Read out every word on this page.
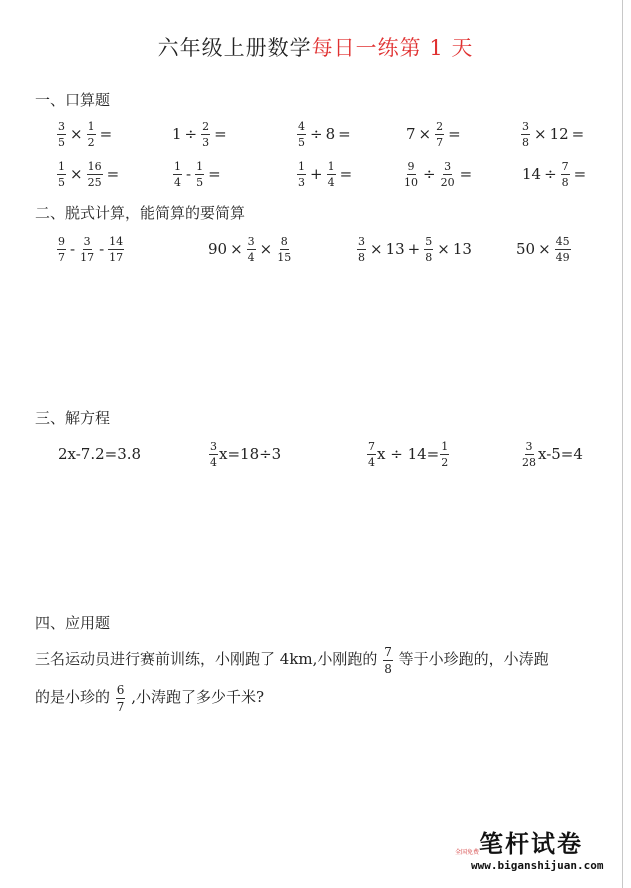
六年级上册数学每日一练第 1 天
一、口算题
$\frac{3}{5} \times \frac{1}{2}$ =	$1 \div \frac{2}{3}$ =	$\frac{4}{5} \div 8$ =	$7 \times \frac{2}{7}$ =	$\frac{3}{8} \times 12$ =
$\frac{1}{5} \times \frac{16}{25}$ =	$\frac{1}{4} - \frac{1}{5}$ =	$\frac{1}{3} + \frac{1}{4}$ =	$\frac{9}{10} \div \frac{3}{20}$ =	$14 \div \frac{7}{8}$ =
二、脱式计算，能简算的要简算
$\frac{9}{7} - \frac{3}{17} - \frac{14}{17}$	$90 \times \frac{3}{4} \times \frac{8}{15}$	$\frac{3}{8} \times 13 + \frac{5}{8} \times 13$	$50 \times \frac{45}{49}$
三、解方程
2x-7.2=3.8	$\frac{3}{4} x=18\div 3$	$\frac{7}{4}$ $x \div 14= \frac{1}{2}$	$\frac{3}{28} x-5=4$
四、应用题
三名运动员进行赛前训练，小刚跑了 4km,小刚跑的 $\frac{7}{8}$ 等于小珍跑的，小涛跑
的是小珍的 $\frac{6}{7}$ ,小涛跑了多少千米?
全国免费 笔杆试卷
www.biganshijuan.com
